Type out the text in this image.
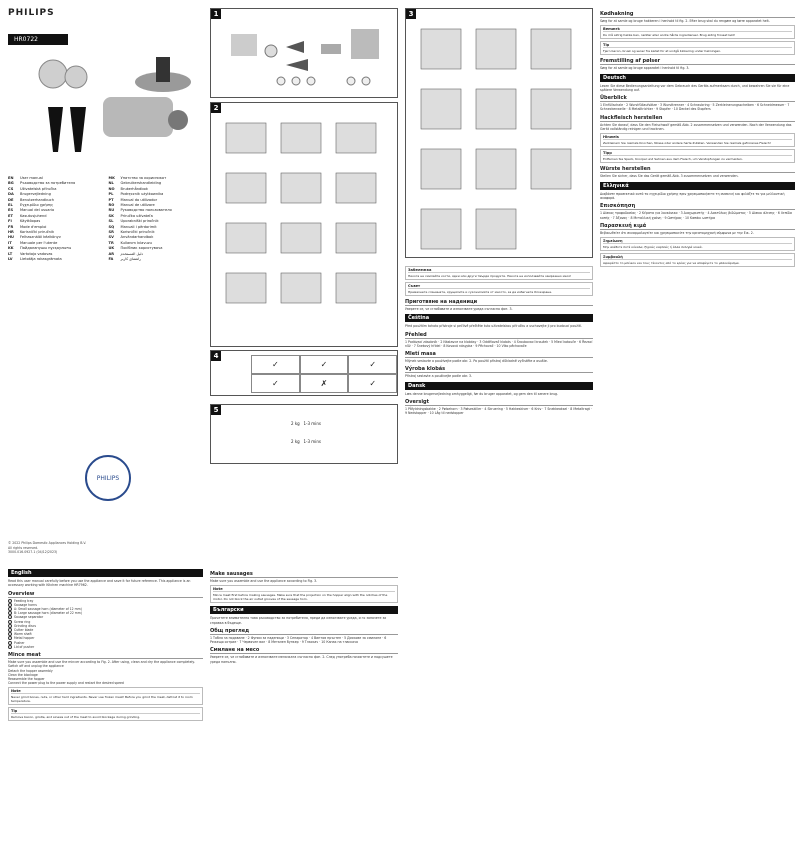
PHILIPS
HR0722
EN User manual	MK Упатство за корисникот
BG Ръководство за потребителя	NL Gebruikershandleiding
CS Uživatelská příručka	NO Brukerhåndbok
DA Brugervejledning	PL Podręcznik użytkownika
DE Benutzerhandbuch	PT Manual do utilizador
EL Εγχειρίδιο χρήσης	RO Manual de utilizare
ES Manual del usuario	RU Руководство пользователя
ET Kasutusjuhend	SK Príručka užívateľa
FI Käyttöopas	SL Uporabniški priročnik
FR Mode d'emploi	SQ Manuali i përdorimit
HR Korisnički priručnik	SR Korisnički priručnik
HU Felhasználói kézikönyv	SV Användarhandbok
IT Manuale per l'utente	TR Kullanım kılavuzu
KK Пайдаланушы нұсқаулығы	UK Посібник користувача
LT Vartotojo vadovas	AR دليل المستخدم
LV Lietotāja rokasgrāmata	FA راهنمای کاربر
PHILIPS
© 2022 Philips Domestic Appliances Holding B.V.
All rights reserved.
3000.016.0927.1 (04/12/2023)
1
2
4
✓	✓	✓
✓	✗	✓
5
2 kg 1-3 mins
2 kg 1-3 mins
3
English
Read this user manual carefully before you use the appliance and save it for future reference. This appliance is an accessory working with Kitchen machine HR7962.
Overview
Feeding tray
Sausage horns
A: Small sausage horn (diameter of 12 mm)
B: Large sausage horn (diameter of 22 mm)
Sausage separator
Screw ring
Grinding discs
Cutter blade
Worm shaft
Metal hopper
Pusher
Lid of pusher
Mince meat
Make sure you assemble and use the mincer according to Fig. 2. After using, clean and dry the appliance completely.
Switch off and unplug the appliance
Detach the hopper assembly
Clean the blockage
Reassemble the hopper
Connect the power plug to the power supply and restart the desired speed
Note
Never grind bones, nuts, or other hard ingredients. Never use frozen meat! Before you grind the meat, defrost it to room temperature.
Tip
Remove bacon, gristle, and sinews out of the meat to avoid blockage during grinding.
Make sausages
Make sure you assemble and use the appliance according to Fig. 3.
Note
Mince meat first before making sausages. Make sure that the projection on the hopper align with the notches of the motor. Do not block the air outlet grooves of the sausage horn.
Български
Прочетете внимателно това ръководство за потребителя, преди да използвате уреда, и го запазете за справка в бъдеще.
Общ преглед
1 Табла за подаване · 2 Фунии за наденици · 3 Сепаратор · 4 Винтов пръстен · 5 Дискове за смилане · 6 Режещо острие · 7 Червячен вал · 8 Метален бункер · 9 Тласкач · 10 Капак на тласкача
Смилане на месо
Уверете се, че сглобявате и използвате мелачката съгласно фиг. 2. След употреба почистете и подсушете уреда напълно.
Забележка
Никога не смилайте кости, ядки или други твърди продукти. Никога не използвайте замразено месо!
Съвет
Премахнете сланината, хрущялите и сухожилията от месото, за да избегнете блокиране.
Приготвяне на наденици
Уверете се, че сглобявате и използвате уреда съгласно фиг. 3.
Čeština
Před použitím tohoto přístroje si pečlivě přečtěte tuto uživatelskou příručku a uschovejte ji pro budoucí použití.
Přehled
1 Podávací zásobník · 2 Nástavce na klobásy · 3 Oddělovač klobás · 4 Šroubovací kroužek · 5 Mlecí kotouče · 6 Řezací nůž · 7 Šnekový hřídel · 8 Kovová násypka · 9 Pěchovač · 10 Víko pěchovače
Mletí masa
Mlýnek sestavte a používejte podle obr. 2. Po použití přístroj důkladně vyčistěte a osušte.
Výroba klobás
Přístroj sestavte a používejte podle obr. 3.
Dansk
Læs denne brugervejledning omhyggeligt, før du bruger apparatet, og gem den til senere brug.
Oversigt
1 Påfyldningsbakke · 2 Pølsehorn · 3 Pølseskiller · 4 Skruering · 5 Hakkeskiver · 6 Kniv · 7 Snekkeaksel · 8 Metaltragt · 9 Nedstopper · 10 Låg til nedstopper
Kødhakning
Sørg for at samle og bruge hakkeren i henhold til fig. 2. Efter brug skal du rengøre og tørre apparatet helt.
Bemærk
Du må aldrig hakke ben, nødder eller andre hårde ingredienser. Brug aldrig frosset kød!
Tip
Fjern bacon, brusk og sener fra kødet for at undgå blokering under hakningen.
Fremstilling af pølser
Sørg for at samle og bruge apparatet i henhold til fig. 3.
Deutsch
Lesen Sie diese Bedienungsanleitung vor dem Gebrauch des Geräts aufmerksam durch, und bewahren Sie sie für eine spätere Verwendung auf.
Überblick
1 Einfüllschale · 2 Wurstfüllaufsätze · 3 Wursttrenner · 4 Schraubring · 5 Zerkleinerungsscheiben · 6 Schneidmesser · 7 Schneckenwelle · 8 Metalltrichter · 9 Stopfer · 10 Deckel des Stopfers
Hackfleisch herstellen
Achten Sie darauf, dass Sie den Fleischwolf gemäß Abb. 2 zusammensetzen und verwenden. Nach der Verwendung das Gerät vollständig reinigen und trocknen.
Hinweis
Zerkleinern Sie niemals Knochen, Nüsse oder andere harte Zutaten. Verwenden Sie niemals gefrorenes Fleisch!
Tipp
Entfernen Sie Speck, Knorpel und Sehnen aus dem Fleisch, um Verstopfungen zu vermeiden.
Würste herstellen
Stellen Sie sicher, dass Sie das Gerät gemäß Abb. 3 zusammensetzen und verwenden.
Ελληνικά
Διαβάστε προσεκτικά αυτό το εγχειρίδιο χρήσης πριν χρησιμοποιήσετε τη συσκευή και φυλάξτε το για μελλοντική αναφορά.
Επισκόπηση
1 Δίσκος τροφοδοσίας · 2 Κέρατα για λουκάνικα · 3 Διαχωριστής · 4 Δακτύλιος βιδώματος · 5 Δίσκοι άλεσης · 6 Λεπίδα κοπής · 7 Άξονας · 8 Μεταλλική χοάνη · 9 Ωστήρας · 10 Καπάκι ωστήρα
Παρασκευή κιμά
Βεβαιωθείτε ότι συναρμολογείτε και χρησιμοποιείτε την κρεατομηχανή σύμφωνα με την Εικ. 2.
Σημείωση
Μην αλέθετε ποτέ κόκαλα, ξηρούς καρπούς ή άλλα σκληρά υλικά.
Συμβουλή
Αφαιρέστε το μπέικον και τους τένοντες από το κρέας για να αποφύγετε το μπλοκάρισμα.
